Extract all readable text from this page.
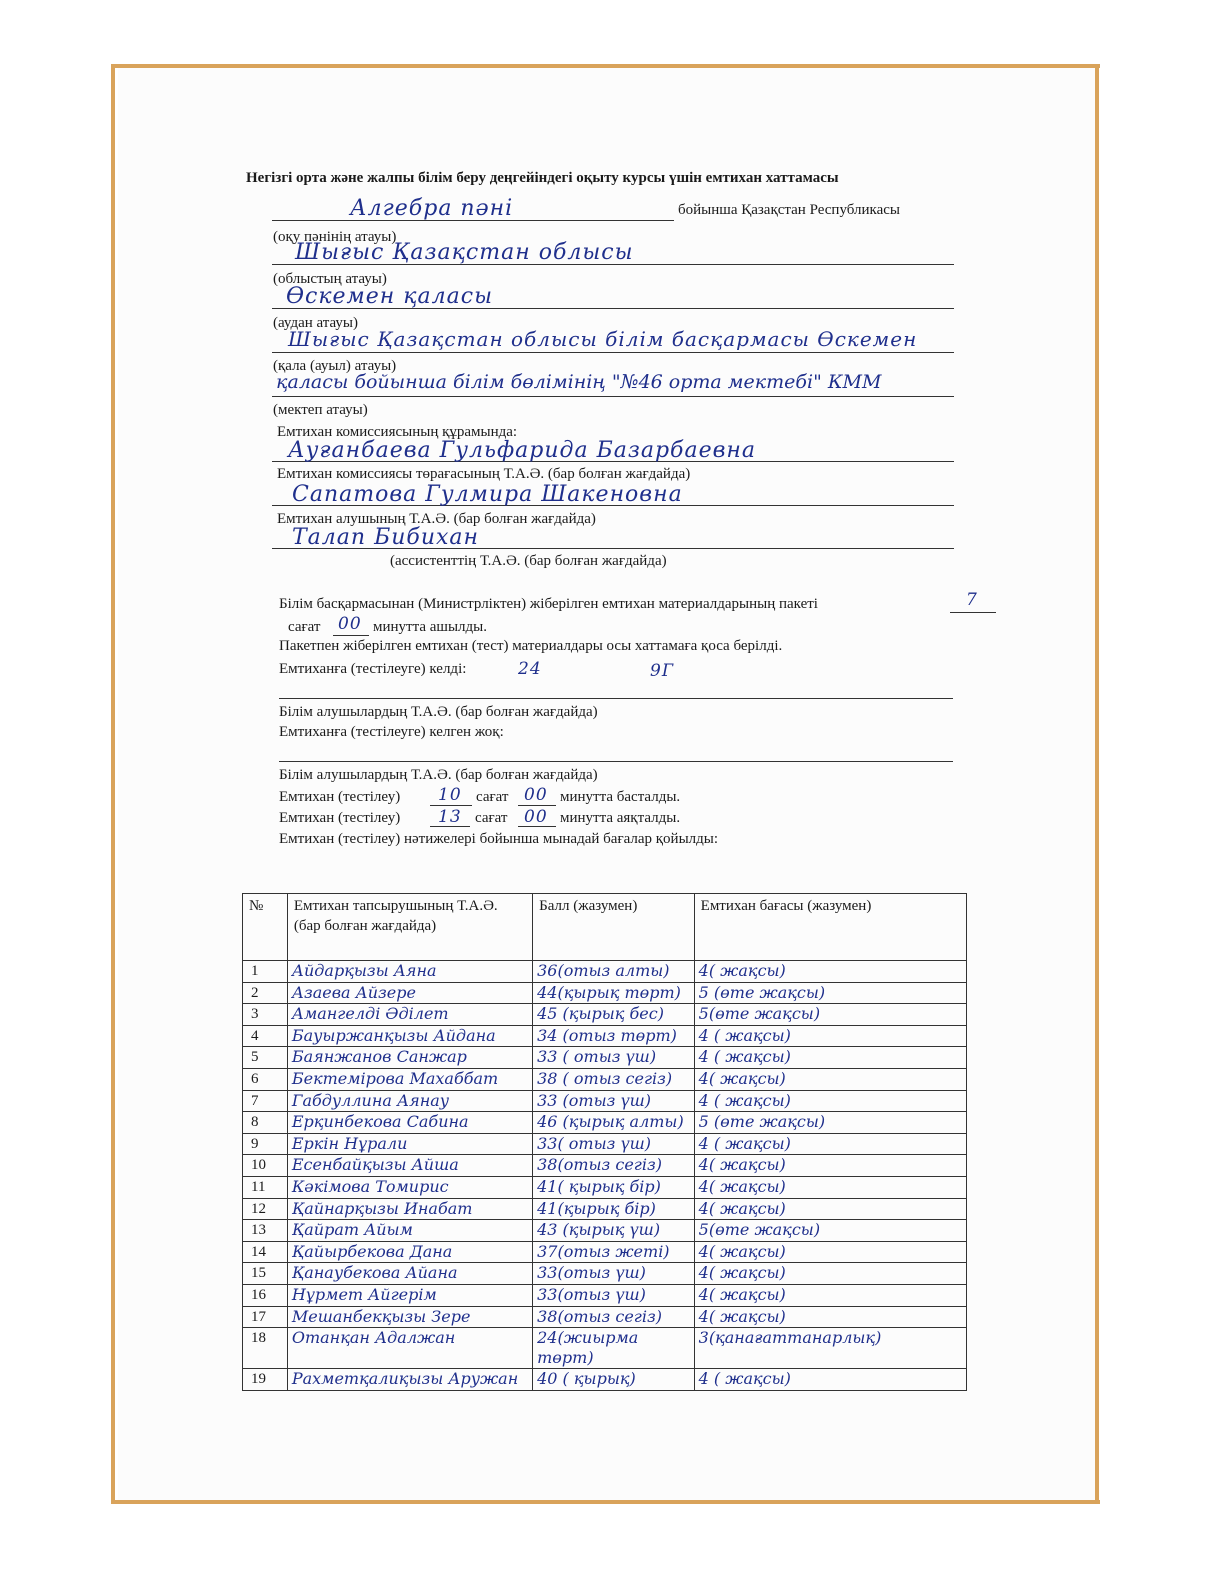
Негізгі орта және жалпы білім беру деңгейіндегі оқыту курсы үшін емтихан хаттамасы
Алгебра пәні	бойынша Қазақстан Республикасы
(оқу пәнінің атауы)
Шығыс Қазақстан облысы
(облыстың атауы)
Өскемен қаласы
(аудан атауы)
Шығыс Қазақстан облысы білім басқармасы Өскемен
(қала (ауыл) атауы)
қаласы бойынша білім бөлімінің "№46 орта мектебі" КММ
(мектеп атауы)
Емтихан комиссиясының құрамында:
Ауғанбаева Гульфарида Базарбаевна
Емтихан комиссиясы төрағасының Т.А.Ә. (бар болған жағдайда)
Сапатова Гулмира Шакеновна
Емтихан алушының Т.А.Ә. (бар болған жағдайда)
Талап Бибихан
(ассистенттің Т.А.Ә. (бар болған жағдайда)
Білім басқармасынан (Министрліктен) жіберілген емтихан материалдарының пакеті	7
сағат 00 минутта ашылды.
Пакетпен жіберілген емтихан (тест) материалдары осы хаттамаға қоса берілді.
Емтиханға (тестілеуге) келді:	24	9Г
Білім алушылардың Т.А.Ә. (бар болған жағдайда)
Емтиханға (тестілеуге) келген жоқ:
Білім алушылардың Т.А.Ә. (бар болған жағдайда)
Емтихан (тестілеу) 10 сағат 00 минутта басталды.
Емтихан (тестілеу) 13 сағат 00 минутта аяқталды.
Емтихан (тестілеу) нәтижелері бойынша мынадай бағалар қойылды:
№	Емтихан тапсырушының Т.А.Ә. (бар болған жағдайда)	Балл (жазумен)	Емтихан бағасы (жазумен)
1	Айдарқызы Аяна	36(отыз алты)	4( жақсы)
2	Азаева Айзере	44(қырық төрт)	5 (өте жақсы)
3	Амангелді Әділет	45 (қырық бес)	5(өте жақсы)
4	Бауыржанқызы Айдана	34 (отыз төрт)	4 ( жақсы)
5	Баянжанов Санжар	33 ( отыз үш)	4 ( жақсы)
6	Бектемірова Махаббат	38 ( отыз сегіз)	4( жақсы)
7	Габдуллина Аянау	33 (отыз үш)	4 ( жақсы)
8	Ерқинбекова Сабина	46 (қырық алты)	5 (өте жақсы)
9	Еркін Нұрали	33( отыз үш)	4 ( жақсы)
10	Есенбайқызы Айша	38(отыз сегіз)	4( жақсы)
11	Кәкімова Томирис	41( қырық бір)	4( жақсы)
12	Қайнарқызы Инабат	41(қырық бір)	4( жақсы)
13	Қайрат Айым	43 (қырық үш)	5(өте жақсы)
14	Қайырбекова Дана	37(отыз жеті)	4( жақсы)
15	Қанаубекова Айана	33(отыз үш)	4( жақсы)
16	Нұрмет Айгерім	33(отыз үш)	4( жақсы)
17	Мешанбекқызы Зере	38(отыз сегіз)	4( жақсы)
18	Отанқан Адалжан	24(жиырма төрт)	3(қанағаттанарлық)
19	Рахметқалиқызы Аружан	40 ( қырық)	4 ( жақсы)
